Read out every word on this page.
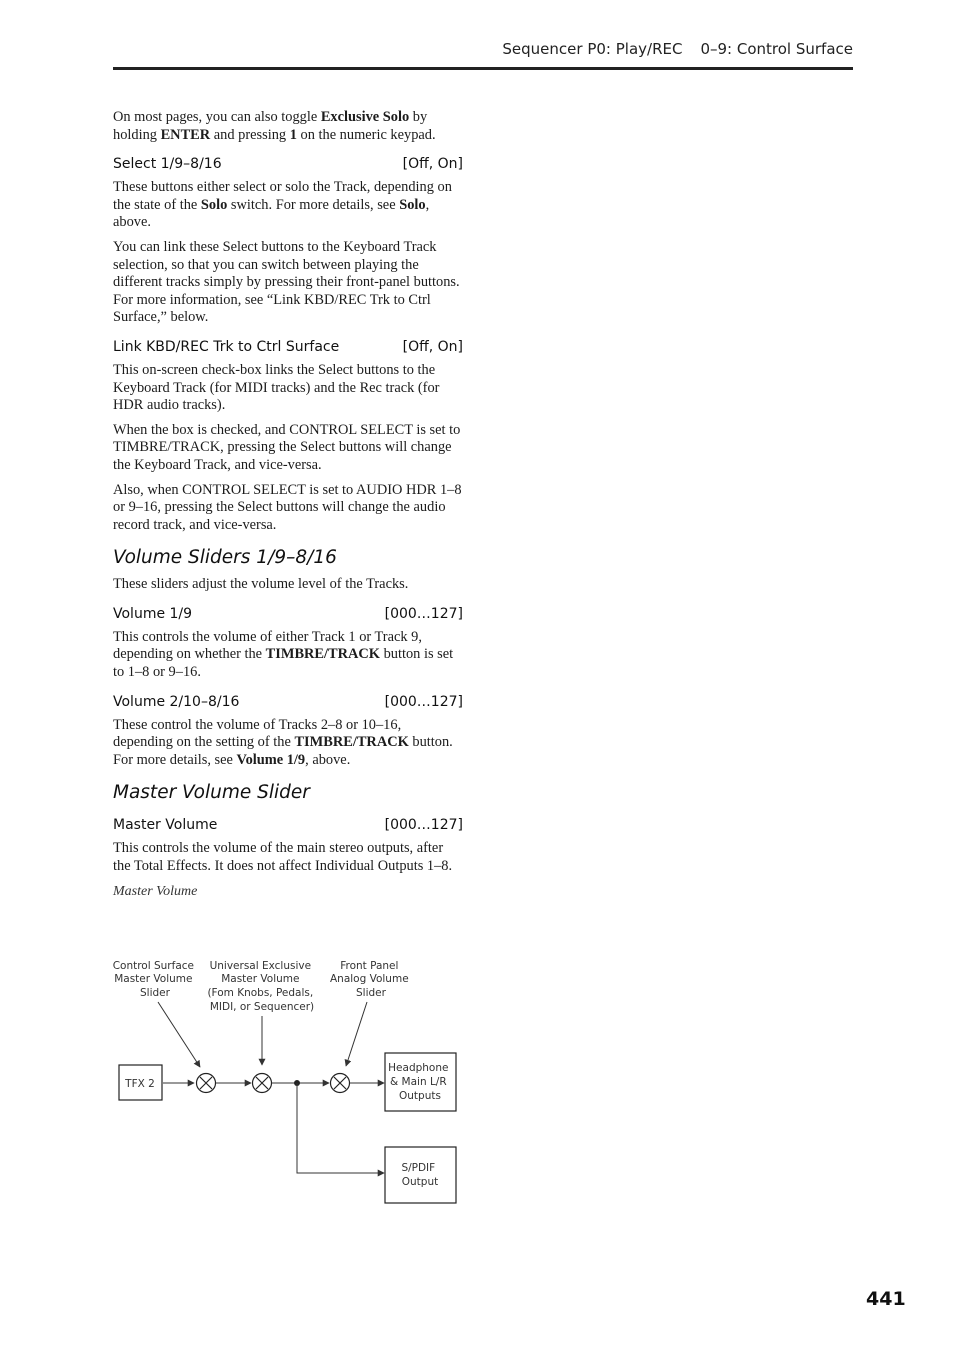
Sequencer P0: Play/REC 0–9: Control Surface

On most pages, you can also toggle Exclusive Solo by holding ENTER and pressing 1 on the numeric keypad.

Select 1/9–8/16	[Off, On]

These buttons either select or solo the Track, depending on the state of the Solo switch. For more details, see Solo, above.

You can link these Select buttons to the Keyboard Track selection, so that you can switch between playing the different tracks simply by pressing their front-panel buttons. For more information, see “Link KBD/REC Trk to Ctrl Surface,” below.

Link KBD/REC Trk to Ctrl Surface	[Off, On]

This on-screen check-box links the Select buttons to the Keyboard Track (for MIDI tracks) and the Rec track (for HDR audio tracks).

When the box is checked, and CONTROL SELECT is set to TIMBRE/TRACK, pressing the Select buttons will change the Keyboard Track, and vice-versa.

Also, when CONTROL SELECT is set to AUDIO HDR 1–8 or 9–16, pressing the Select buttons will change the audio record track, and vice-versa.

Volume Sliders 1/9–8/16

These sliders adjust the volume level of the Tracks.

Volume 1/9	[000…127]

This controls the volume of either Track 1 or Track 9, depending on whether the TIMBRE/TRACK button is set to 1–8 or 9–16.

Volume 2/10–8/16	[000…127]

These control the volume of Tracks 2–8 or 10–16, depending on the setting of the TIMBRE/TRACK button. For more details, see Volume 1/9, above.

Master Volume Slider
Master Volume	[000…127]

This controls the volume of the main stereo outputs, after the Total Effects. It does not affect Individual Outputs 1–8.

Master Volume
Control Surface Master Volume Slider
Universal Exclusive Master Volume (Fom Knobs, Pedals, MIDI, or Sequencer)
Front Panel Analog Volume Slider
TFX 2
Headphone & Main L/R Outputs
S/PDIF Output
441
